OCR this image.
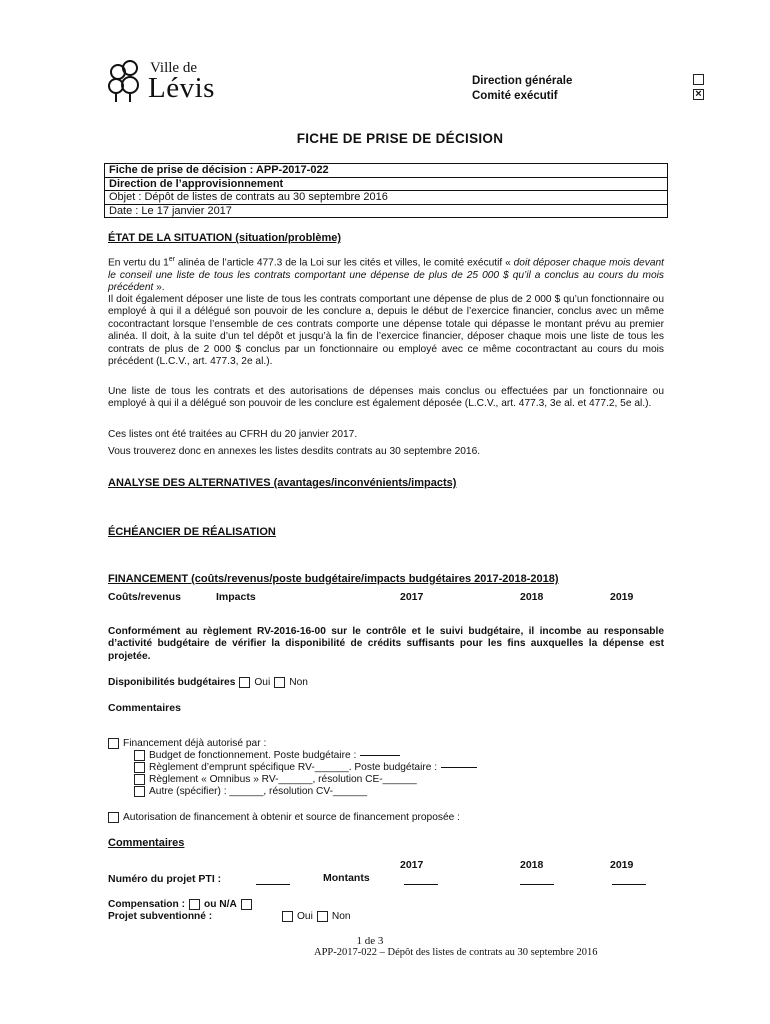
Ville de
Lévis	Direction générale
Comité exécutif	×
FICHE DE PRISE DE DÉCISION
Fiche de prise de décision : APP-2017-022
Direction de l’approvisionnement
Objet : Dépôt de listes de contrats au 30 septembre 2016
Date : Le 17 janvier 2017
ÉTAT DE LA SITUATION (situation/problème)
En vertu du 1er alinéa de l’article 477.3 de la Loi sur les cités et villes, le comité exécutif « doit déposer chaque mois devant le conseil une liste de tous les contrats comportant une dépense de plus de 25 000 $ qu’il a conclus au cours du mois précédent ».
Il doit également déposer une liste de tous les contrats comportant une dépense de plus de 2 000 $ qu’un fonctionnaire ou employé à qui il a délégué son pouvoir de les conclure a, depuis le début de l’exercice financier, conclus avec un même cocontractant lorsque l’ensemble de ces contrats comporte une dépense totale qui dépasse le montant prévu au premier alinéa. Il doit, à la suite d’un tel dépôt et jusqu’à la fin de l’exercice financier, déposer chaque mois une liste de tous les contrats de plus de 2 000 $ conclus par un fonctionnaire ou employé avec ce même cocontractant au cours du mois précédent (L.C.V., art. 477.3, 2e al.).
Une liste de tous les contrats et des autorisations de dépenses mais conclus ou effectuées par un fonctionnaire ou employé à qui il a délégué son pouvoir de les conclure est également déposée (L.C.V., art. 477.3, 3e al. et 477.2, 5e al.).
Ces listes ont été traitées au CFRH du 20 janvier 2017.
Vous trouverez donc en annexes les listes desdits contrats au 30 septembre 2016.
ANALYSE DES ALTERNATIVES (avantages/inconvénients/impacts)
ÉCHÉANCIER DE RÉALISATION
FINANCEMENT (coûts/revenus/poste budgétaire/impacts budgétaires 2017-2018-2018)
Coûts/revenus	Impacts	2017	2018	2019
Conformément au règlement RV-2016-16-00 sur le contrôle et le suivi budgétaire, il incombe au responsable d’activité budgétaire de vérifier la disponibilité de crédits suffisants pour les fins auxquelles la dépense est projetée.
Disponibilités budgétaires Oui Non
Commentaires
Financement déjà autorisé par :
Budget de fonctionnement. Poste budgétaire :
Règlement d’emprunt spécifique RV-______. Poste budgétaire :
Règlement « Omnibus » RV-______, résolution CE-______
Autre (spécifier) : ______, résolution CV-______
Autorisation de financement à obtenir et source de financement proposée :
Commentaires
2017	2018	2019
Numéro du projet PTI :	Montants
Compensation : ou N/A
Projet subventionné :	Oui Non
1 de 3
APP-2017-022 – Dépôt des listes de contrats au 30 septembre 2016
